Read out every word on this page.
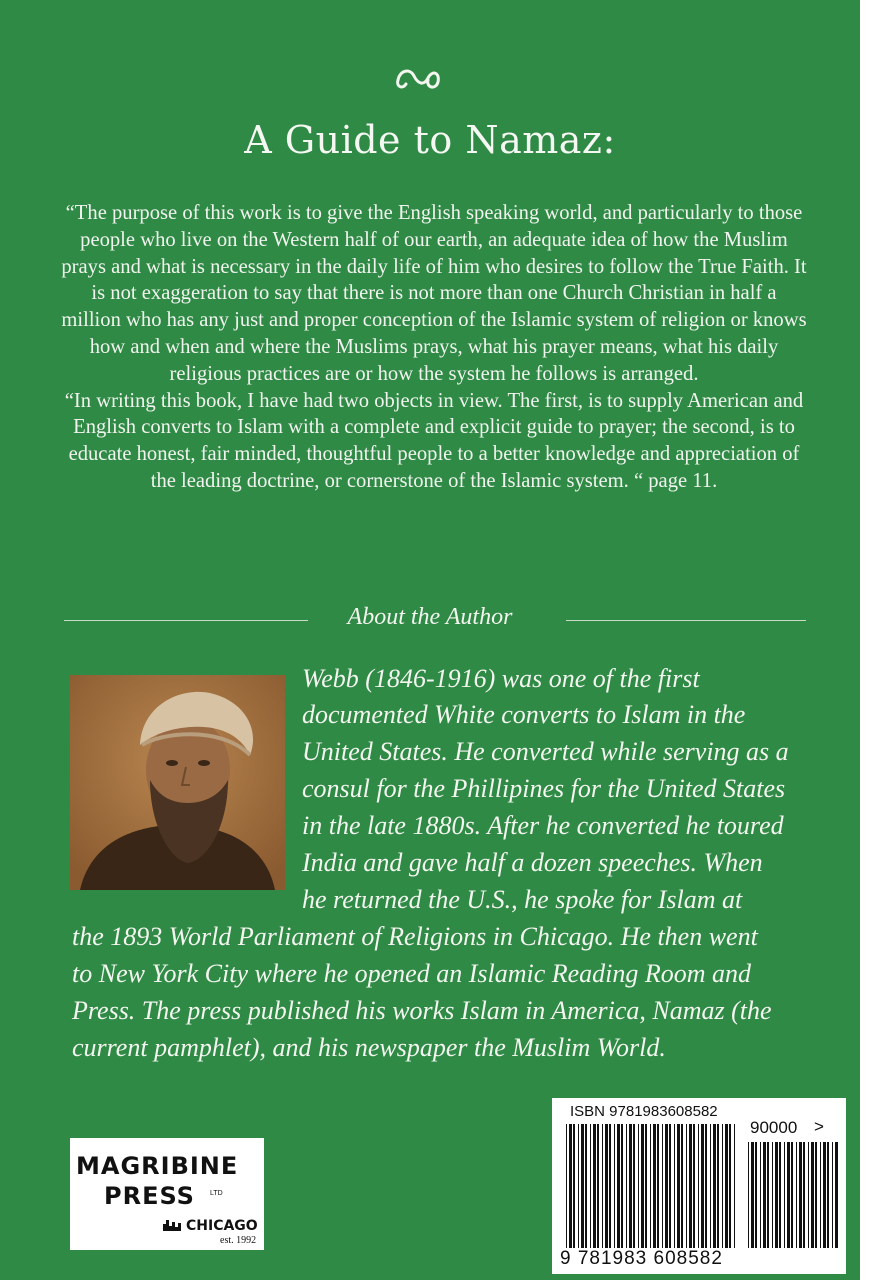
A Guide to Namaz:

“The purpose of this work is to give the English speaking world, and particularly to those people who live on the Western half of our earth, an adequate idea of how the Muslim prays and what is necessary in the daily life of him who desires to follow the True Faith. It is not exaggeration to say that there is not more than one Church Christian in half a million who has any just and proper conception of the Islamic system of religion or knows how and when and where the Muslims prays, what his prayer means, what his daily religious practices are or how the system he follows is arranged.

“In writing this book, I have had two objects in view. The first, is to supply American and English converts to Islam with a complete and explicit guide to prayer; the second, is to educate honest, fair minded, thoughtful people to a better knowledge and appreciation of the leading doctrine, or cornerstone of the Islamic system. “ page 11.

About the Author
Webb (1846-1916) was one of the first
documented White converts to Islam in the
United States. He converted while serving as a
consul for the Phillipines for the United States
in the late 1880s. After he converted he toured
India and gave half a dozen speeches. When
he returned the U.S., he spoke for Islam at
the 1893 World Parliament of Religions in Chicago. He then went
to New York City where he opened an Islamic Reading Room and
Press. The press published his works Islam in America, Namaz (the
current pamphlet), and his newspaper the Muslim World.
MAGRIBINE
PRESS LTD
CHICAGO
est. 1992
ISBN 9781983608582
90000 >
9 781983 608582
